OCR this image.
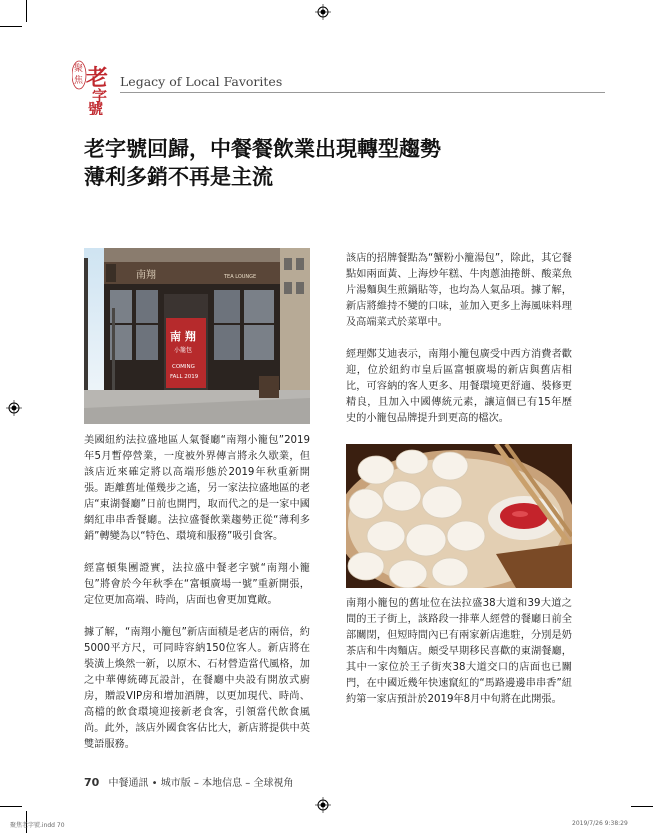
聚
焦 老
字
號
Legacy of Local Favorites
老字號回歸，中餐餐飲業出現轉型趨勢
薄利多銷不再是主流
南翔	TEA LOUNGE
南 翔
小籠包
COMING
FALL 2019

美國紐約法拉盛地區人氣餐廳“南翔小籠包”2019年5月暫停營業，一度被外界傳言將永久歇業，但該店近來確定將以高端形態於2019年秋重新開張。距離舊址僅幾步之遙，另一家法拉盛地區的老店“東湖餐廳”日前也開門，取而代之的是一家中國網紅串串香餐廳。法拉盛餐飲業趨勢正從“薄利多銷”轉變為以“特色、環境和服務”吸引食客。

經富頓集團證實，法拉盛中餐老字號“南翔小籠包”將會於今年秋季在“富頓廣場一號”重新開張，定位更加高端、時尚，店面也會更加寬敞。

據了解，“南翔小籠包”新店面積是老店的兩倍，約5000平方尺，可同時容納150位客人。新店將在裝潢上煥然一新，以原木、石材營造當代風格，加之中華傳統磚瓦設計，在餐廳中央設有開放式廚房，贈設VIP房和增加酒牌，以更加現代、時尚、高檔的飲食環境迎接新老食客，引領當代飲食風尚。此外，該店外國食客佔比大，新店將提供中英雙語服務。

該店的招牌餐點為“蟹粉小籠湯包”，除此，其它餐點如兩面黃、上海炒年糕、牛肉蔥油捲餅、酸菜魚片湯麵與生煎鍋貼等，也均為人氣品項。據了解，新店將維持不變的口味，並加入更多上海風味料理及高端菜式於菜單中。

經理鄭艾迪表示，南翔小籠包廣受中西方消費者歡迎，位於紐約市皇后區富頓廣場的新店與舊店相比，可容納的客人更多、用餐環境更舒適、裝修更精良，且加入中國傳統元素，讓這個已有15年歷史的小籠包品牌提升到更高的檔次。

南翔小籠包的舊址位在法拉盛38大道和39大道之間的王子街上，該路段一排華人經營的餐廳日前全部關閉，但短時間內已有兩家新店進駐，分別是奶茶店和牛肉麵店。頗受早期移民喜歡的東湖餐廳，其中一家位於王子街夾38大道交口的店面也已關門，在中國近幾年快速竄紅的“馬路邊邊串串香”紐約第一家店預計於2019年8月中旬將在此開張。

70 中餐通訊 • 城市版 – 本地信息 – 全球視角
聚焦老字號.indd 70	2019/7/26 9:38:29
